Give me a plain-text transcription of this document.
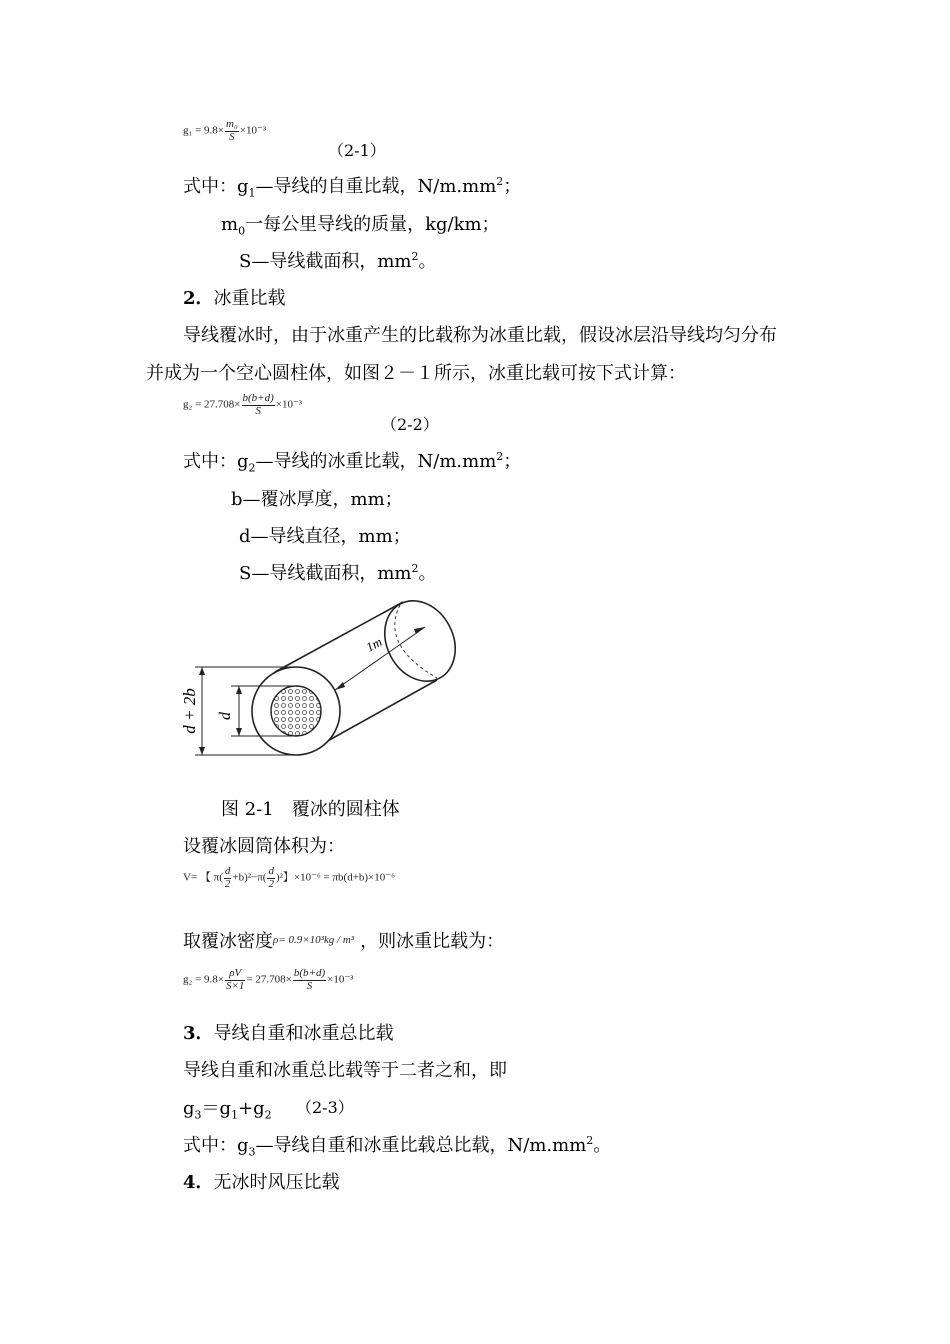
$g_1 = 9.8\times \frac{\text{m₀}}{S} \times 10^{-3}$
（2-1）
式中：$g_1—$导线的自重比载，$N/m.mm^2$；
$m_0$一每公里导线的质量，kg/km；
S—导线截面积，$mm^2$。
2．冰重比载
导线覆冰时，由于冰重产生的比载称为冰重比载，假设冰层沿导线均匀分布
并成为一个空心圆柱体，如图２－１所示，冰重比载可按下式计算：
$g_2 = 27.708\times \frac{b(b+d)}{S} \times 10^{-3}$
（2-2）
式中：$g_2—$导线的冰重比载，$N/m.mm^2$；
b—覆冰厚度，mm；
d—导线直径，mm；
S—导线截面积，$mm^2$。
1m
d
d + 2b
图 2-1　覆冰的圆柱体
设覆冰圆筒体积为：
V= 【 $\pi( \frac{d}{2} +b)^2-\pi( \frac{d}{2} )^2$】×10⁻⁶ = πb(d+b)×10⁻⁶
取覆冰密度$^{\rho= 0.9\times 10^3kg / m^3}$ ，则冰重比载为：
$g_2 = 9.8\times \frac{\rho V}{S\times 1} = 27.708\times \frac{b(b+d)}{S} \times 10^{-3}$
3．导线自重和冰重总比载
导线自重和冰重总比载等于二者之和，即
$g_3=g_1+g_2$ （2-3）
式中：$g_3—$导线自重和冰重比载总比载，$N/m.mm^2$。
4．无冰时风压比载
